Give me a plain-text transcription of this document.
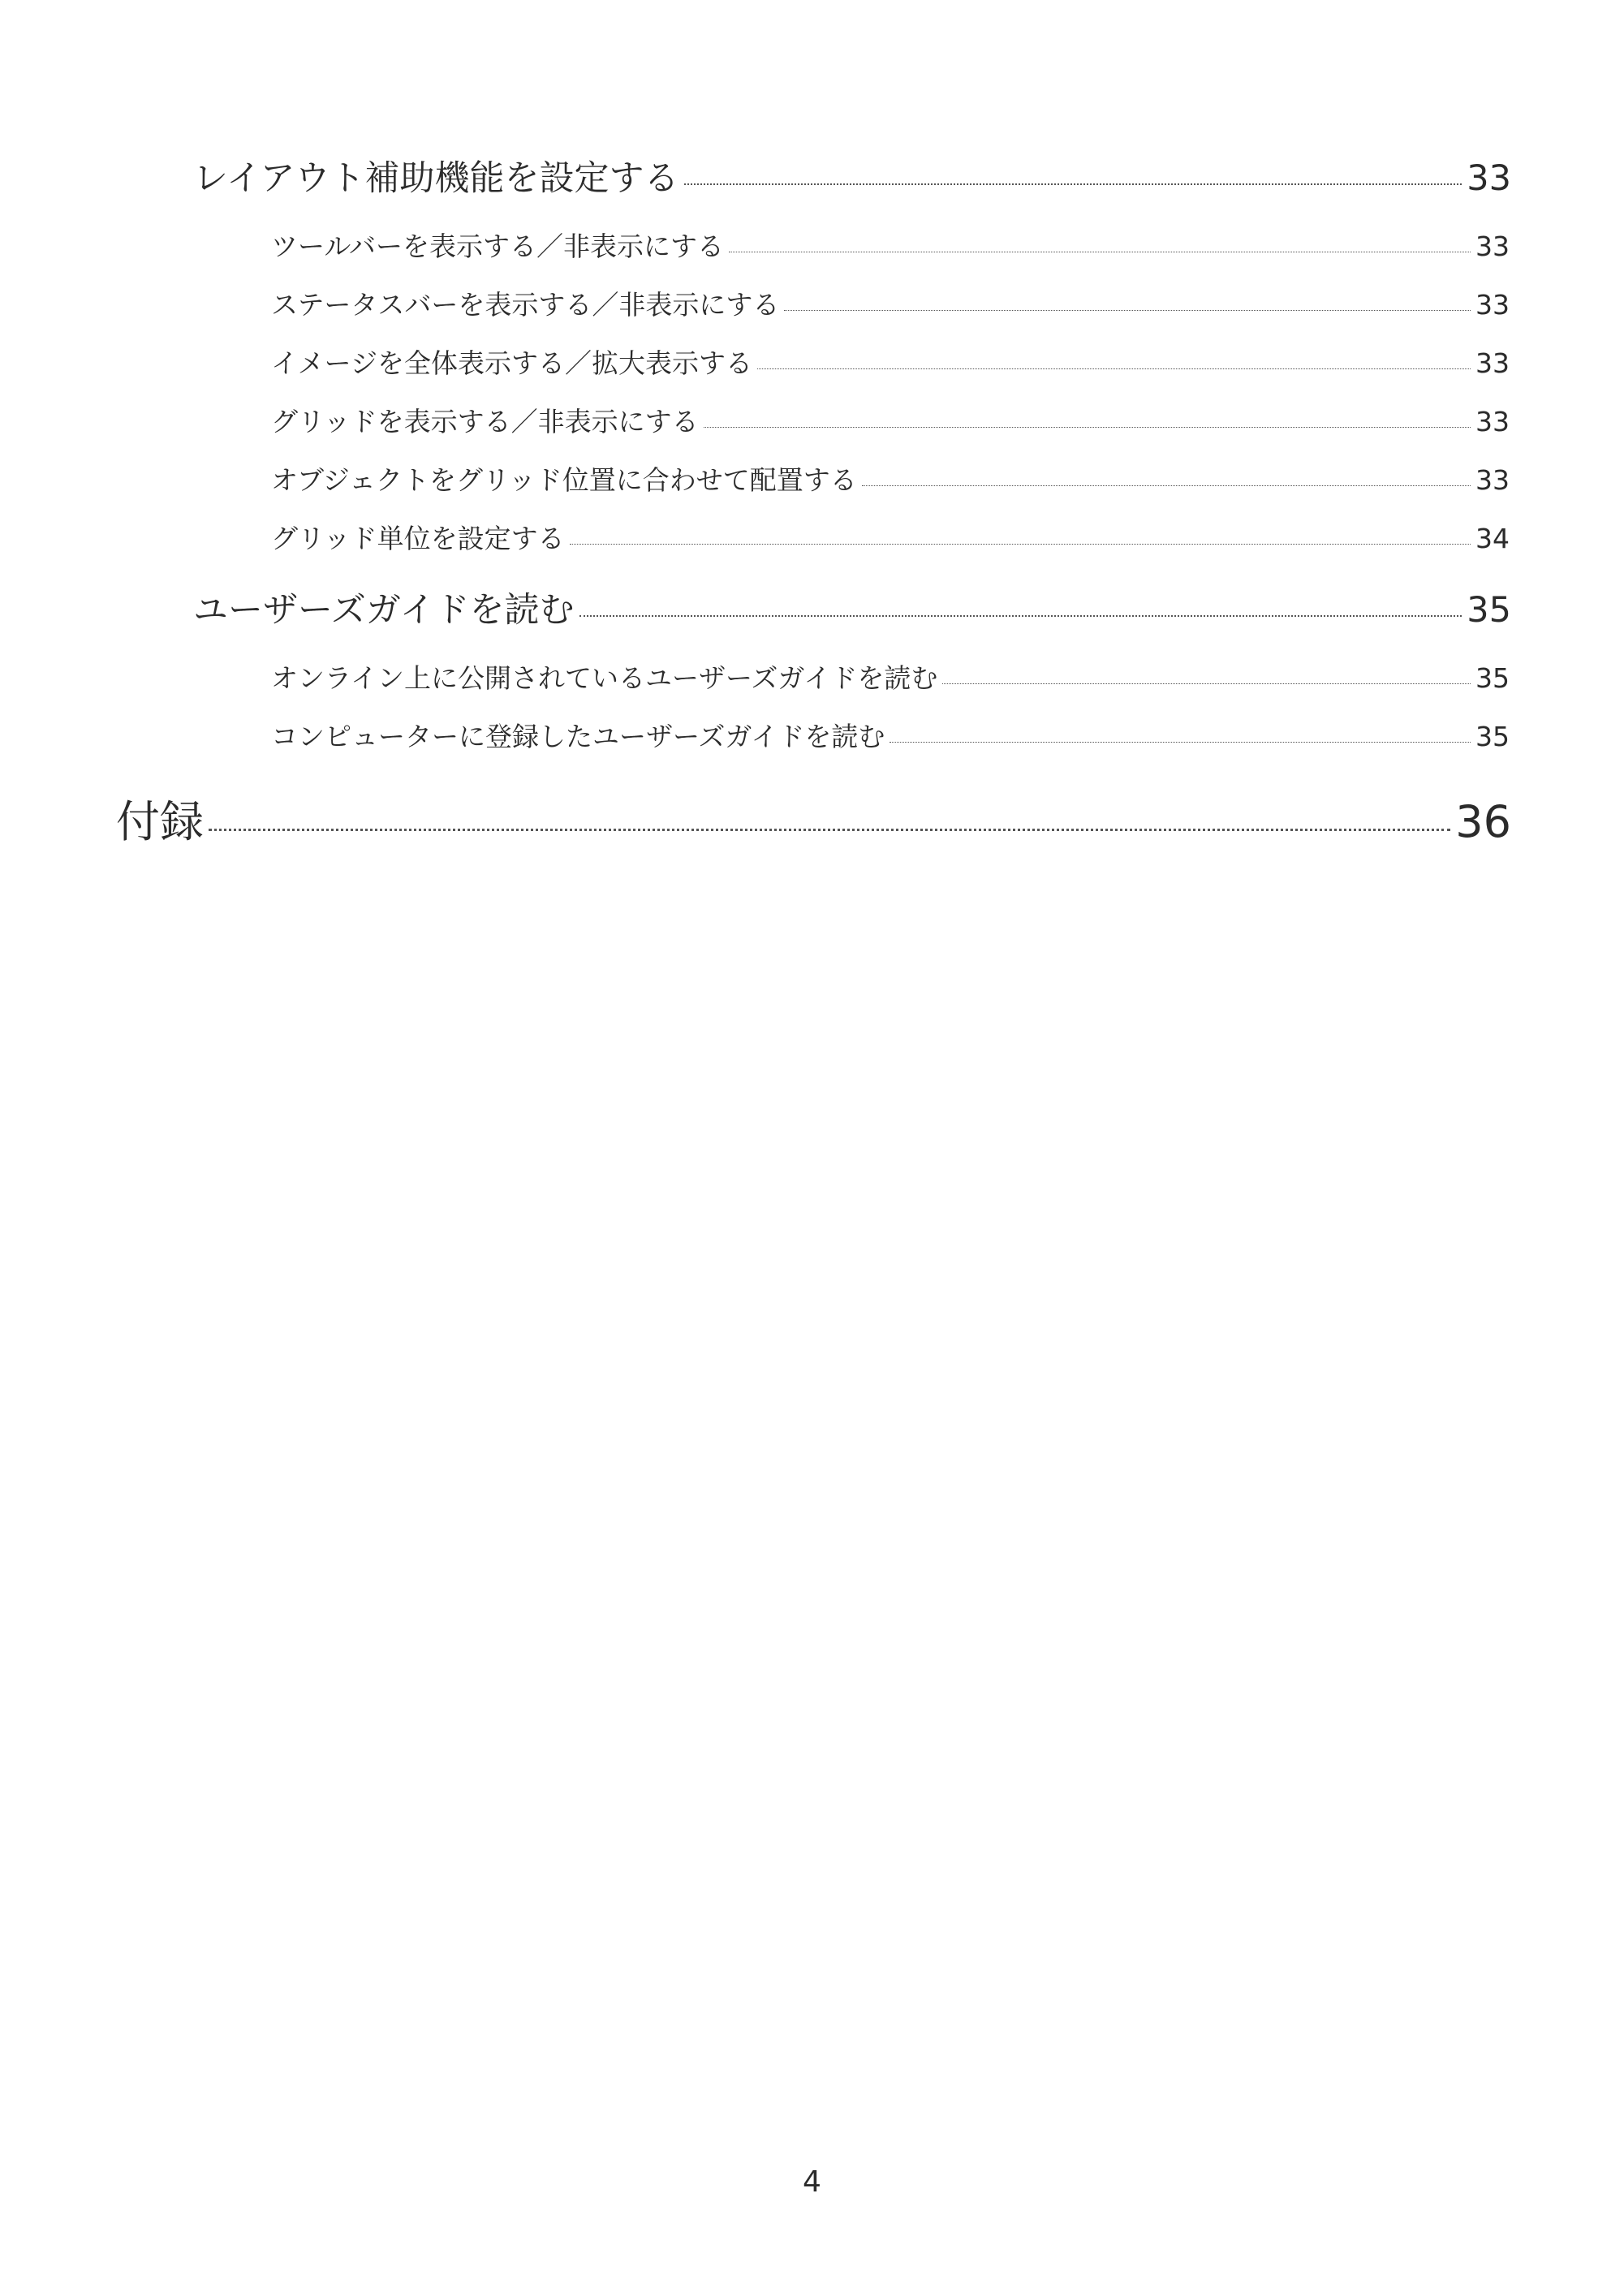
レイアウト補助機能を設定する	33
ツールバーを表示する／非表示にする	33
ステータスバーを表示する／非表示にする	33
イメージを全体表示する／拡大表示する	33
グリッドを表示する／非表示にする	33
オブジェクトをグリッド位置に合わせて配置する	33
グリッド単位を設定する	34
ユーザーズガイドを読む	35
オンライン上に公開されているユーザーズガイドを読む	35
コンピューターに登録したユーザーズガイドを読む	35
付録	36
4
